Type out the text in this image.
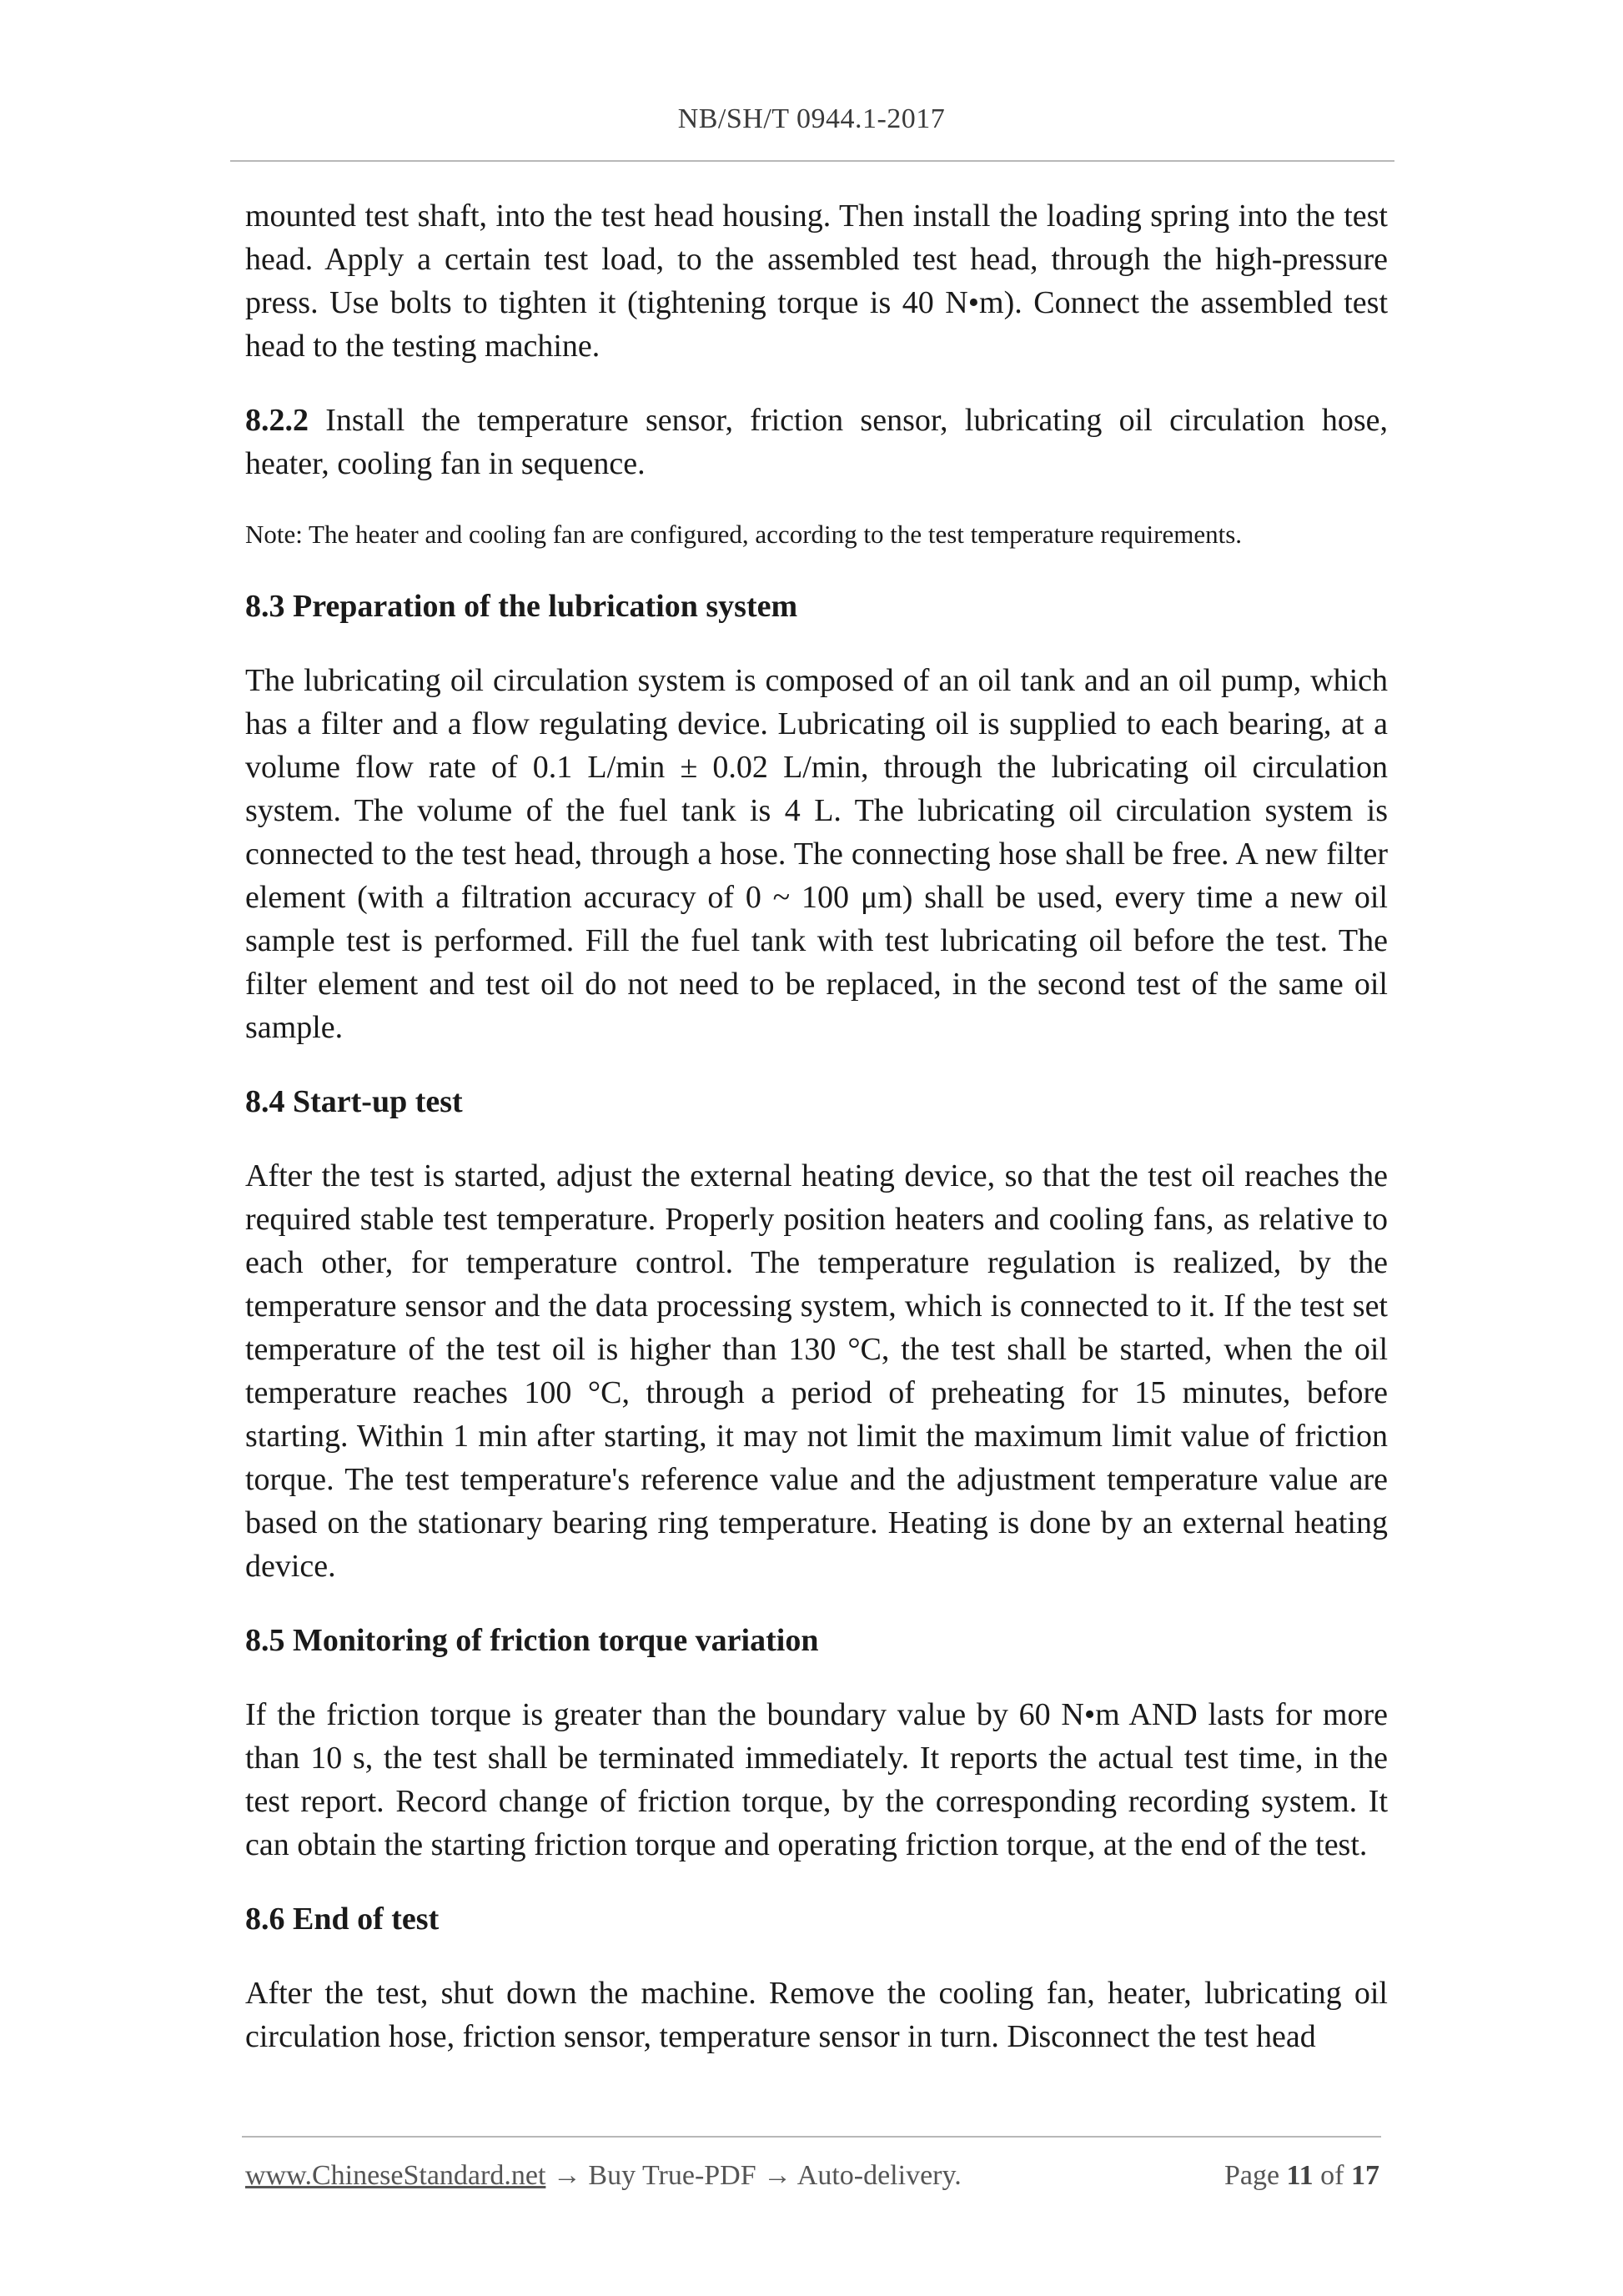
NB/SH/T 0944.1-2017

mounted test shaft, into the test head housing. Then install the loading spring into the test head. Apply a certain test load, to the assembled test head, through the high-pressure press. Use bolts to tighten it (tightening torque is 40 N•m). Connect the assembled test head to the testing machine.

8.2.2 Install the temperature sensor, friction sensor, lubricating oil circulation hose, heater, cooling fan in sequence.

Note: The heater and cooling fan are configured, according to the test temperature requirements.

8.3 Preparation of the lubrication system

The lubricating oil circulation system is composed of an oil tank and an oil pump, which has a filter and a flow regulating device. Lubricating oil is supplied to each bearing, at a volume flow rate of 0.1 L/min ± 0.02 L/min, through the lubricating oil circulation system. The volume of the fuel tank is 4 L. The lubricating oil circulation system is connected to the test head, through a hose. The connecting hose shall be free. A new filter element (with a filtration accuracy of 0 ~ 100 μm) shall be used, every time a new oil sample test is performed. Fill the fuel tank with test lubricating oil before the test. The filter element and test oil do not need to be replaced, in the second test of the same oil sample.

8.4 Start-up test

After the test is started, adjust the external heating device, so that the test oil reaches the required stable test temperature. Properly position heaters and cooling fans, as relative to each other, for temperature control. The temperature regulation is realized, by the temperature sensor and the data processing system, which is connected to it. If the test set temperature of the test oil is higher than 130 °C, the test shall be started, when the oil temperature reaches 100 °C, through a period of preheating for 15 minutes, before starting. Within 1 min after starting, it may not limit the maximum limit value of friction torque. The test temperature's reference value and the adjustment temperature value are based on the stationary bearing ring temperature. Heating is done by an external heating device.

8.5 Monitoring of friction torque variation

If the friction torque is greater than the boundary value by 60 N•m AND lasts for more than 10 s, the test shall be terminated immediately. It reports the actual test time, in the test report. Record change of friction torque, by the corresponding recording system. It can obtain the starting friction torque and operating friction torque, at the end of the test.

8.6 End of test

After the test, shut down the machine. Remove the cooling fan, heater, lubricating oil circulation hose, friction sensor, temperature sensor in turn. Disconnect the test head

www.ChineseStandard.net → Buy True-PDF → Auto-delivery.	Page 11 of 17
